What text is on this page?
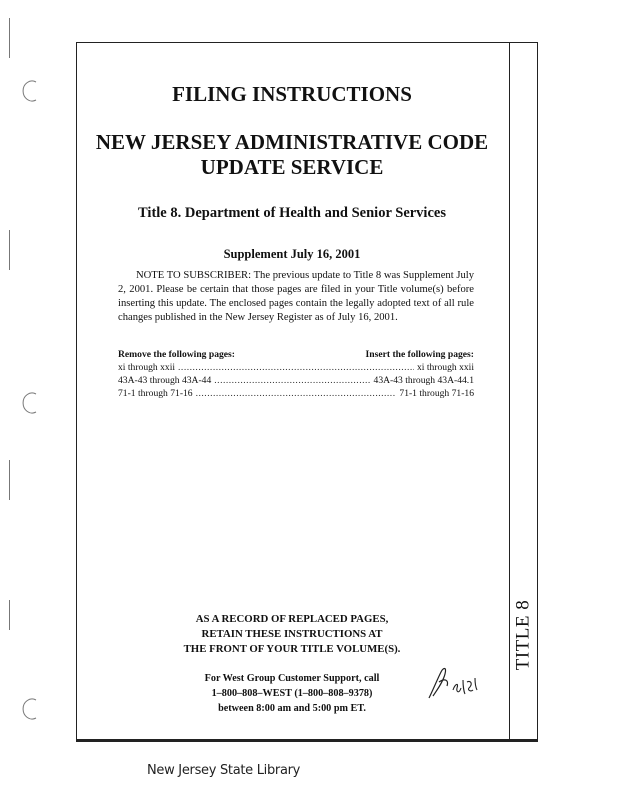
TITLE 8
FILING INSTRUCTIONS
NEW JERSEY ADMINISTRATIVE CODE
UPDATE SERVICE
Title 8. Department of Health and Senior Services
Supplement July 16, 2001

NOTE TO SUBSCRIBER: The previous update to Title 8 was Supplement July 2, 2001. Please be certain that those pages are filed in your Title volume(s) before inserting this update. The enclosed pages contain the legally adopted text of all rule changes published in the New Jersey Register as of July 16, 2001.

Remove the following pages:	Insert the following pages:
xi through xxii .....	xi through xxii
43A-43 through 43A-44 .....	43A-43 through 43A-44.1
71-1 through 71-16 .....	71-1 through 71-16
AS A RECORD OF REPLACED PAGES,
RETAIN THESE INSTRUCTIONS AT
THE FRONT OF YOUR TITLE VOLUME(S).
For West Group Customer Support, call
1–800–808–WEST (1–800–808–9378)
between 8:00 am and 5:00 pm ET.
New Jersey State Library
